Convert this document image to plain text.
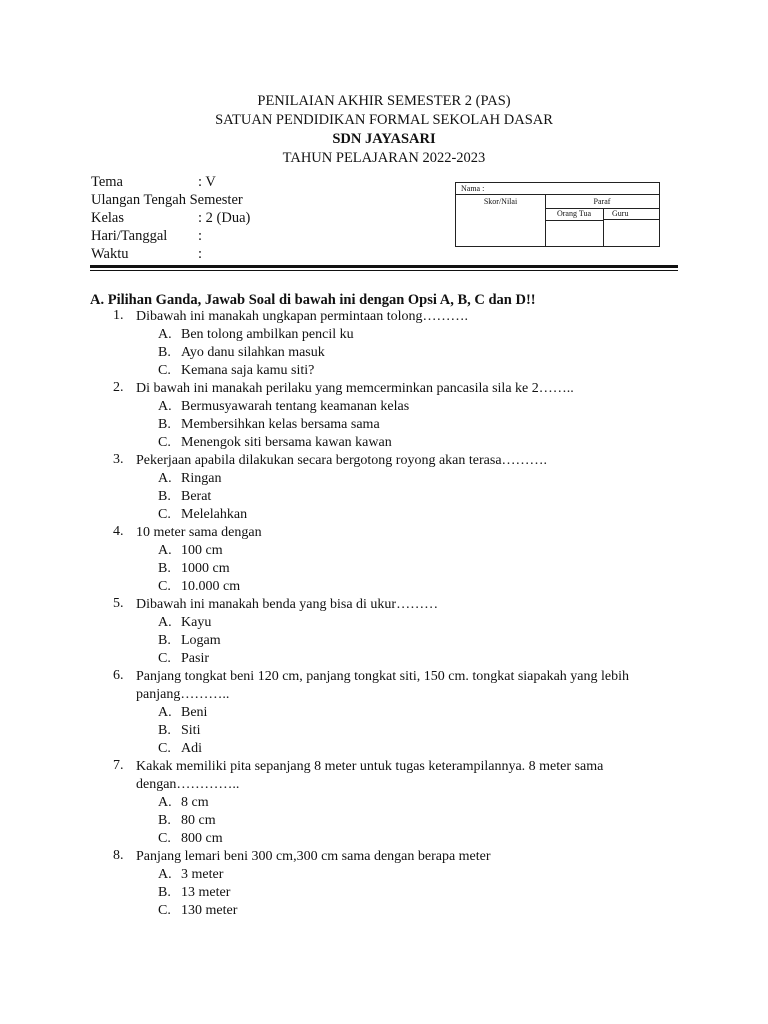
PENILAIAN AKHIR SEMESTER 2 (PAS)
SATUAN PENDIDIKAN FORMAL SEKOLAH DASAR
SDN JAYASARI
TAHUN PELAJARAN 2022-2023
Tema	: V
Ulangan Tengah Semester
Kelas	: 2 (Dua)
Hari/Tanggal :
Waktu	:
Nama :
Skor/Nilai	Paraf
Orang Tua	Guru
A. Pilihan Ganda, Jawab Soal di bawah ini dengan Opsi A, B, C dan D!!
1. Dibawah ini manakah ungkapan permintaan tolong……….
A. Ben tolong ambilkan pencil ku
B. Ayo danu silahkan masuk
C. Kemana saja kamu siti?
2. Di bawah ini manakah perilaku yang memcerminkan pancasila sila ke 2……..
A. Bermusyawarah tentang keamanan kelas
B. Membersihkan kelas bersama sama
C. Menengok siti bersama kawan kawan
3. Pekerjaan apabila dilakukan secara bergotong royong akan terasa……….
A. Ringan
B. Berat
C. Melelahkan
4. 10 meter sama dengan
A. 100 cm
B. 1000 cm
C. 10.000 cm
5. Dibawah ini manakah benda yang bisa di ukur………
A. Kayu
B. Logam
C. Pasir
6. Panjang tongkat beni 120 cm, panjang tongkat siti, 150 cm. tongkat siapakah yang lebih panjang………..
A. Beni
B. Siti
C. Adi
7. Kakak memiliki pita sepanjang 8 meter untuk tugas keterampilannya. 8 meter sama dengan…………..
A. 8 cm
B. 80 cm
C. 800 cm
8. Panjang lemari beni 300 cm,300 cm sama dengan berapa meter
A. 3 meter
B. 13 meter
C. 130 meter
